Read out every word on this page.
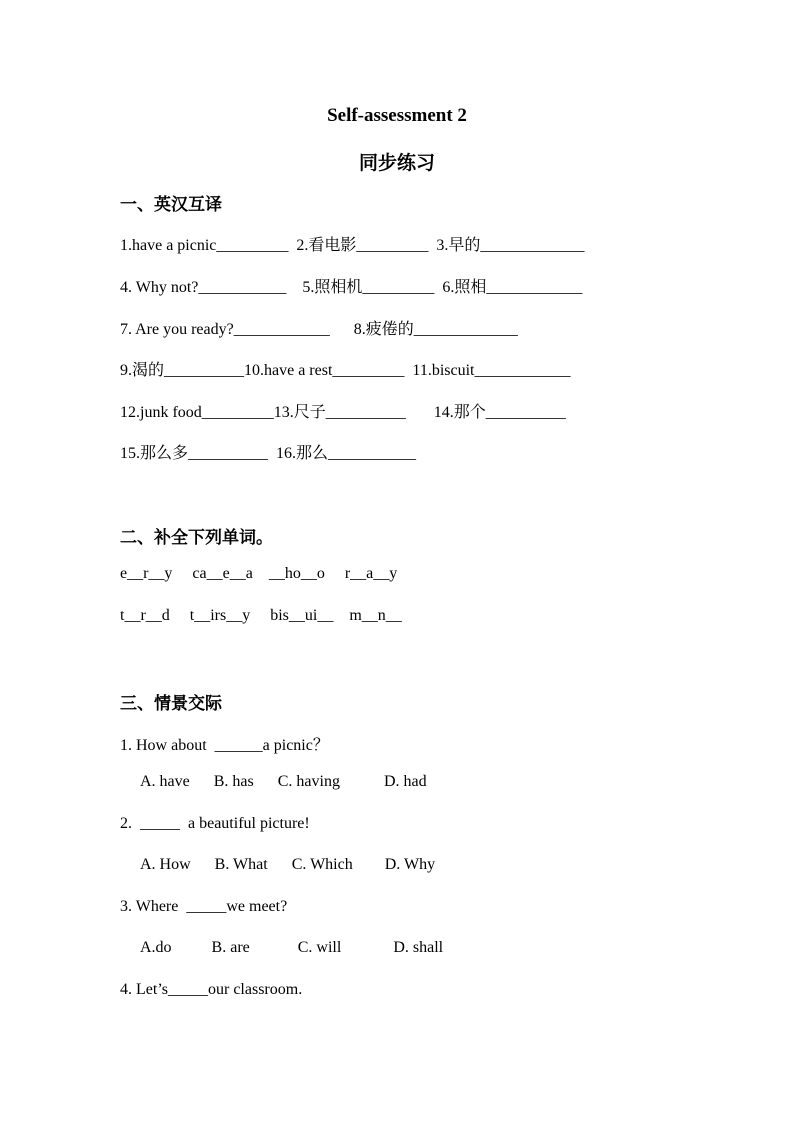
Self-assessment 2
同步练习
一、英汉互译
1.have a picnic_________  2.看电影_________  3.早的_____________
4. Why not?___________    5.照相机_________  6.照相____________
7. Are you ready?____________      8.疲倦的_____________
9.渴的__________10.have a rest_________  11.biscuit____________
12.junk food_________13.尺子__________       14.那个__________
15.那么多__________  16.那么___________
二、补全下列单词。
e__r__y     ca__e__a    __ho__o     r__a__y
t__r__d     t__irs__y     bis__ui__    m__n__
三、情景交际
1. How about  ______a picnic？
A. have      B. has      C. having           D. had
2.  _____  a beautiful picture!
A. How      B. What      C. Which        D. Why
3. Where  _____we meet?
A.do          B. are            C. will             D. shall
4. Let’s_____our classroom.
